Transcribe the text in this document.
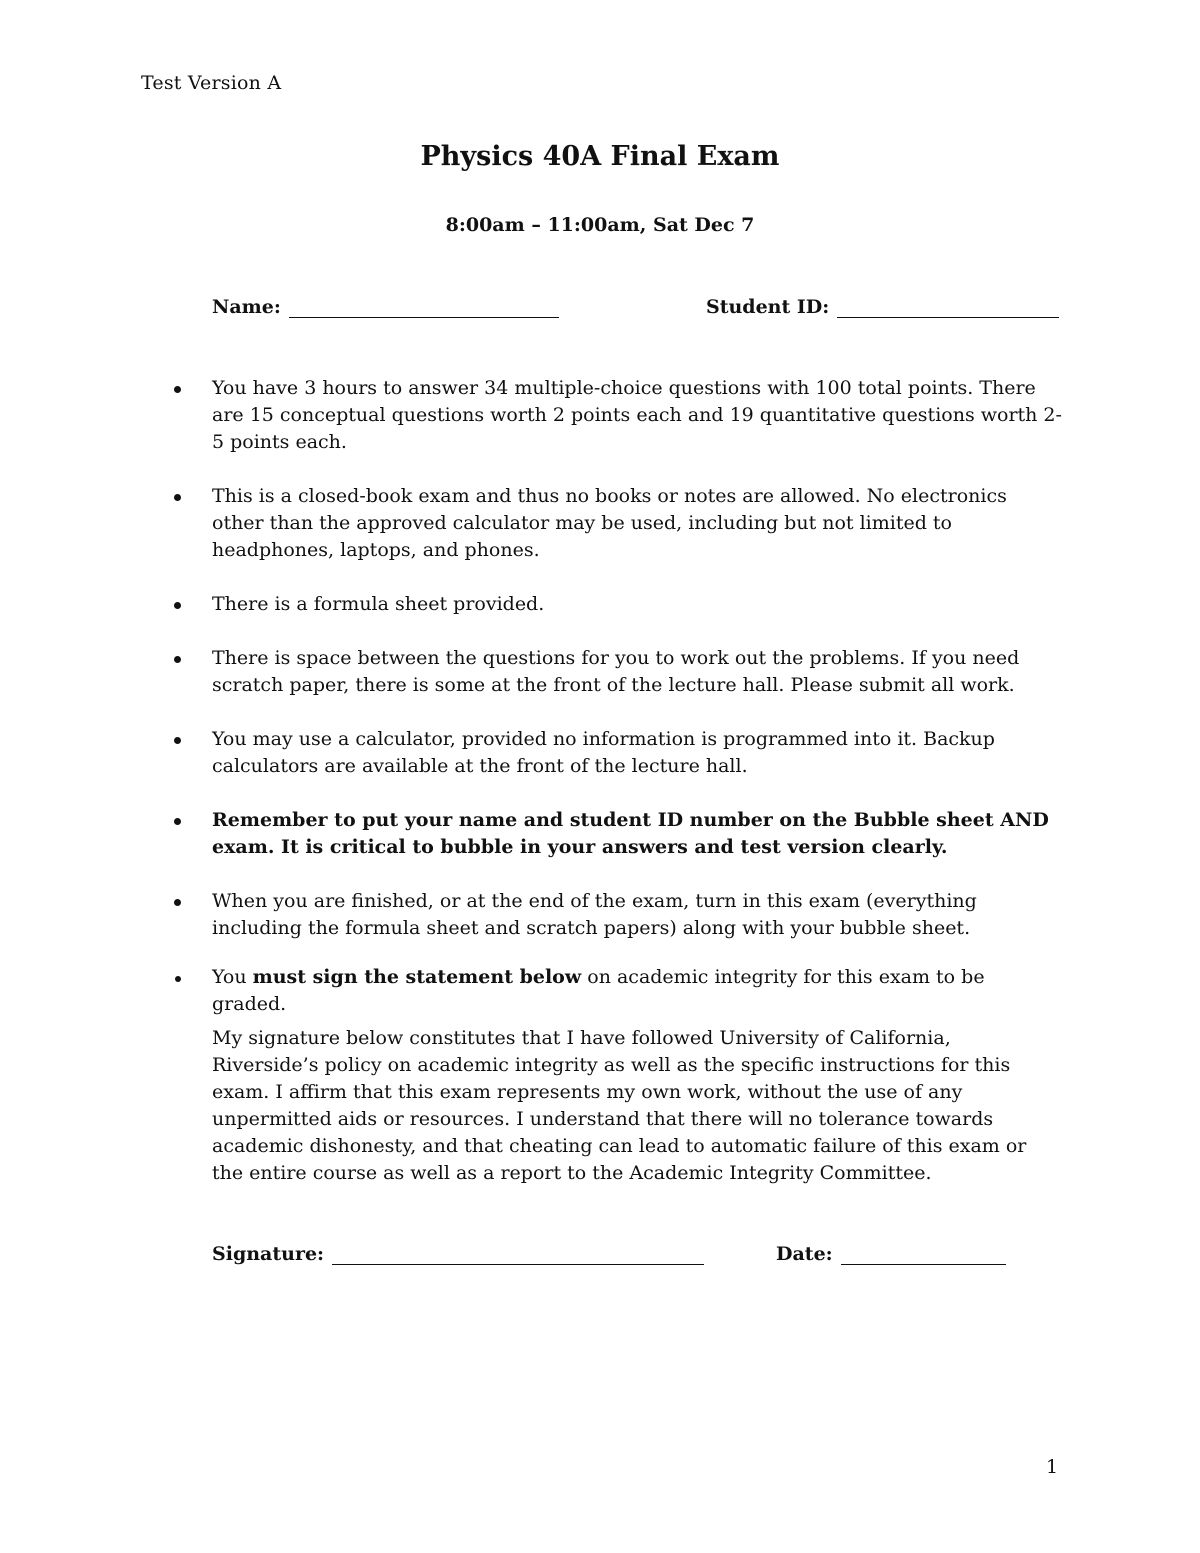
Test Version A
Physics 40A Final Exam
8:00am – 11:00am, Sat Dec 7
Name:	Student ID:
You have 3 hours to answer 34 multiple-choice questions with 100 total points. There are 15 conceptual questions worth 2 points each and 19 quantitative questions worth 2-5 points each.
This is a closed-book exam and thus no books or notes are allowed. No electronics other than the approved calculator may be used, including but not limited to headphones, laptops, and phones.
There is a formula sheet provided.
There is space between the questions for you to work out the problems. If you need scratch paper, there is some at the front of the lecture hall. Please submit all work.
You may use a calculator, provided no information is programmed into it. Backup calculators are available at the front of the lecture hall.
Remember to put your name and student ID number on the Bubble sheet AND exam. It is critical to bubble in your answers and test version clearly.
When you are finished, or at the end of the exam, turn in this exam (everything including the formula sheet and scratch papers) along with your bubble sheet.
You must sign the statement below on academic integrity for this exam to be graded.
My signature below constitutes that I have followed University of California, Riverside’s policy on academic integrity as well as the specific instructions for this exam. I affirm that this exam represents my own work, without the use of any unpermitted aids or resources. I understand that there will no tolerance towards academic dishonesty, and that cheating can lead to automatic failure of this exam or the entire course as well as a report to the Academic Integrity Committee.
Signature:	Date:
1
